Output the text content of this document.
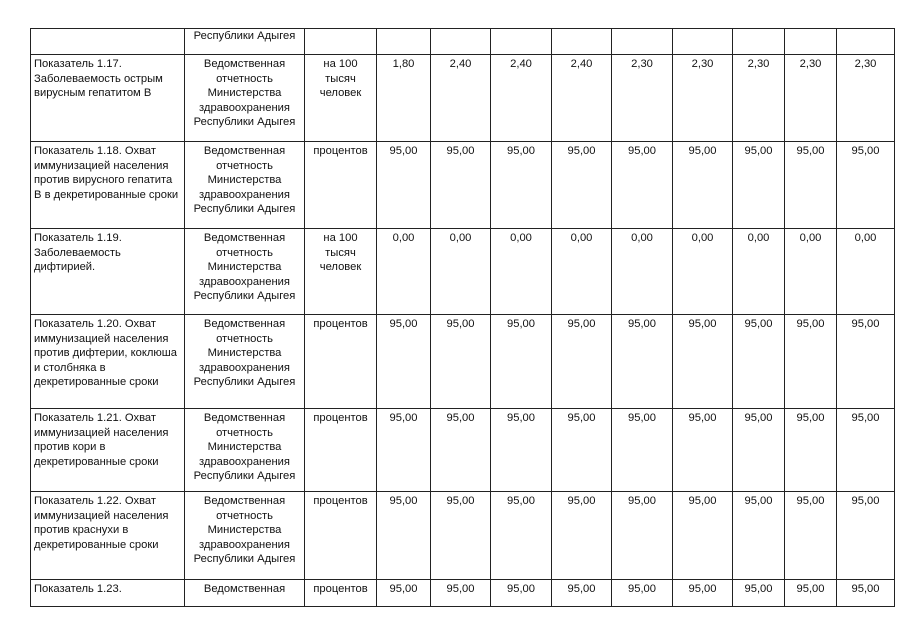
	Республики Адыгея										
Показатель 1.17. Заболеваемость острым вирусным гепатитом В	Ведомственная отчетность Министерства здравоохранения Республики Адыгея	на 100 тысяч человек	1,80	2,40	2,40	2,40	2,30	2,30	2,30	2,30	2,30
Показатель 1.18. Охват иммунизацией населения против вирусного гепатита В в декретированные сроки	Ведомственная отчетность Министерства здравоохранения Республики Адыгея	процентов	95,00	95,00	95,00	95,00	95,00	95,00	95,00	95,00	95,00
Показатель 1.19. Заболеваемость дифтирией.	Ведомственная отчетность Министерства здравоохранения Республики Адыгея	на 100 тысяч человек	0,00	0,00	0,00	0,00	0,00	0,00	0,00	0,00	0,00
Показатель 1.20. Охват иммунизацией населения против дифтерии, коклюша и столбняка в декретированные сроки	Ведомственная отчетность Министерства здравоохранения Республики Адыгея	процентов	95,00	95,00	95,00	95,00	95,00	95,00	95,00	95,00	95,00
Показатель 1.21. Охват иммунизацией населения против кори в декретированные сроки	Ведомственная отчетность Министерства здравоохранения Республики Адыгея	процентов	95,00	95,00	95,00	95,00	95,00	95,00	95,00	95,00	95,00
Показатель 1.22. Охват иммунизацией населения против краснухи в декретированные сроки	Ведомственная отчетность Министерства здравоохранения Республики Адыгея	процентов	95,00	95,00	95,00	95,00	95,00	95,00	95,00	95,00	95,00
Показатель 1.23.	Ведомственная	процентов	95,00	95,00	95,00	95,00	95,00	95,00	95,00	95,00	95,00
